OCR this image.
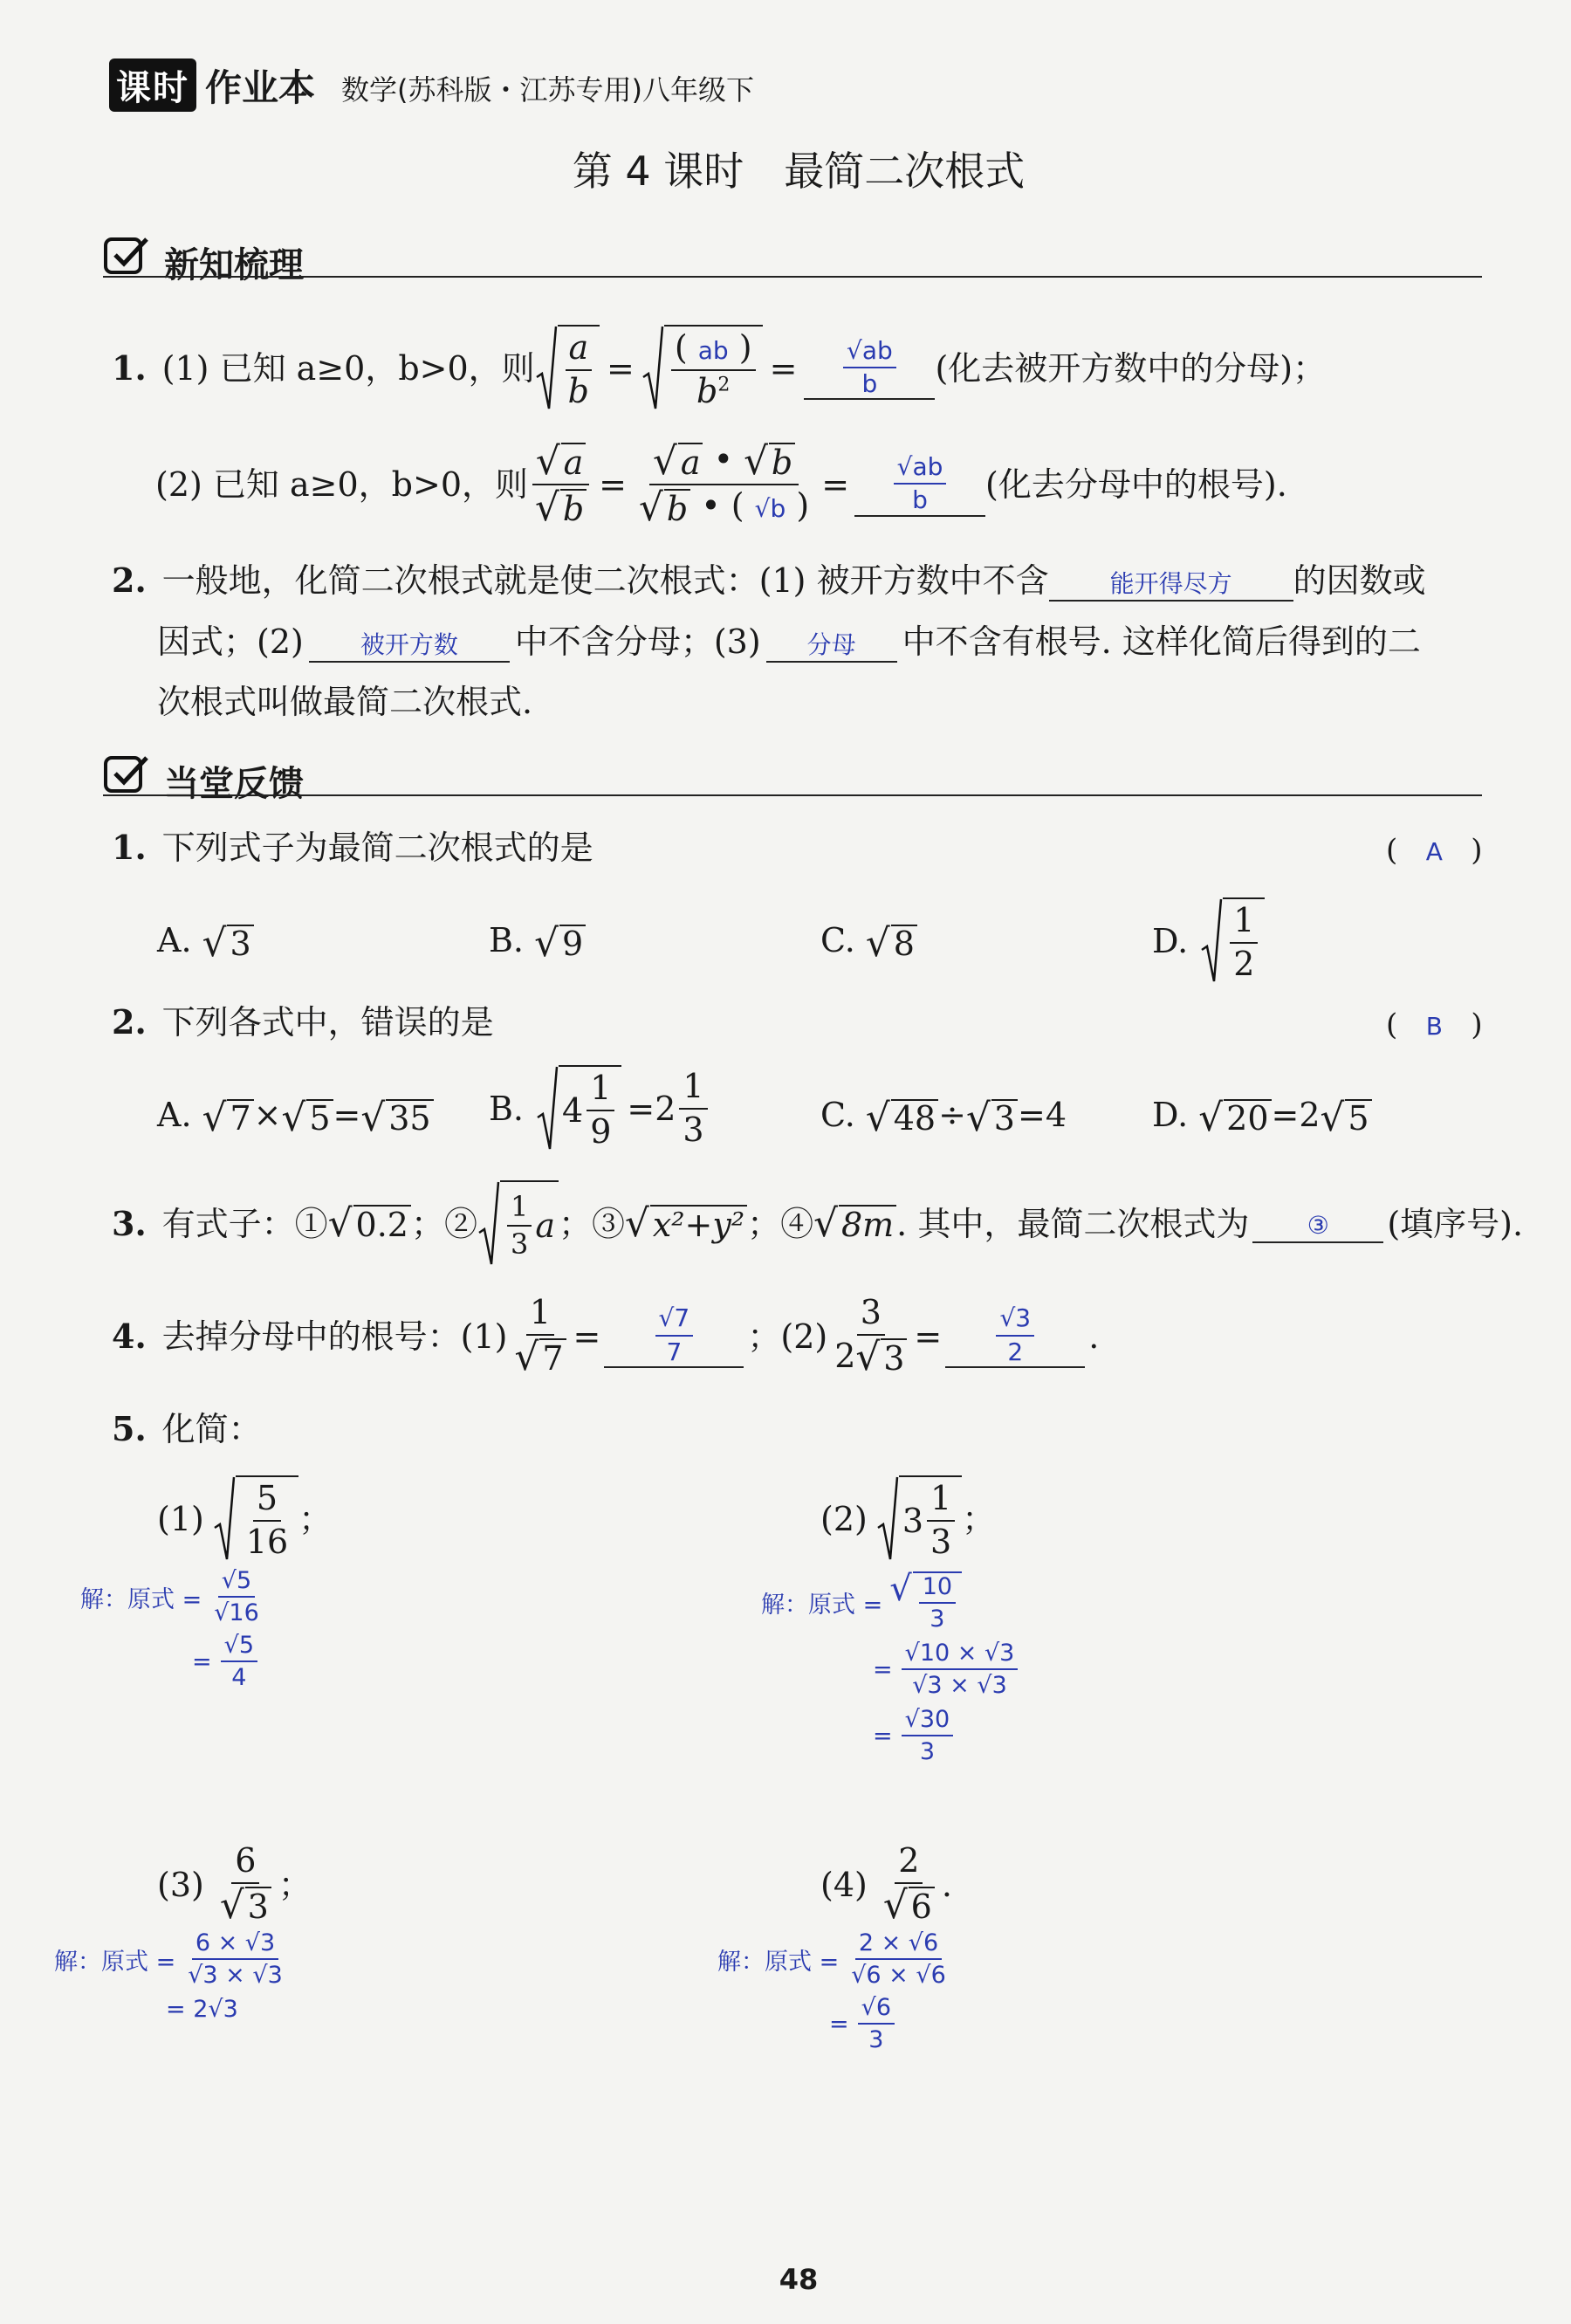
课时 作业本 数学(苏科版・江苏专用)八年级下
第 4 课时　最简二次根式
新知梳理
1. (1) 已知 a≥0，b>0，则 $\frac{a}{b} = \frac{( ab )}{b^2} = \frac{√ab}{b}$ (化去被开方数中的分母)；
(2) 已知 a≥0，b>0，则 $\frac{√ a}{√ b} = \frac{√ a • √ b}{√ b • ( √b )} = \frac{√ab}{b}$ (化去分母中的根号).
2. 一般地，化简二次根式就是使二次根式：(1) 被开方数中不含 能开得尽方 的因数或
因式；(2) 被开方数 中不含分母；(3) 分母 中不含有根号. 这样化简后得到的二
次根式叫做最简二次根式.
当堂反馈
1. 下列式子为最简二次根式的是	(   A   )
A. √ 3	B. √ 9	C. √ 8	D. $\frac{1}{2}$
2. 下列各式中，错误的是	(   B   )
A. √ 7 × √ 5 = √ 35 B. $4 \frac{1}{9} =2 \frac{1}{3}$	C. √ 48 ÷ √ 3 =4	D. √ 20 =2 √ 5
3. 有式子：① √ 0.2 ；② $\frac{1}{3}$ a ；③ √ x²+y² ；④ √ 8m . 其中，最简二次根式为	③	(填序号).
4. 去掉分母中的根号：$(1) \frac{1}{√ 7} = \frac{√7}{7}$ ；$(2) \frac{3}{2 √ 3} = \frac{√3}{2}$ .
5. 化简：
$(1) \frac{5}{16}$ ；	(2) $3 \frac{1}{3}$ ；
解：原式 = $\frac{√5}{√16}$
= $\frac{√5}{4}$
解：原式 = √ $\frac{10}{3}$
= $\frac{√10 \times √3}{√3 \times √3}$
= $\frac{√30}{3}$
$(3) \frac{6}{√ 3}$ ；	$(4) \frac{2}{√ 6}$ .
解：原式 = $\frac{6 \times √3}{√3 \times √3}$
= 2√3
解：原式 = $\frac{2 \times √6}{√6 \times √6}$
= $\frac{√6}{3}$
48
